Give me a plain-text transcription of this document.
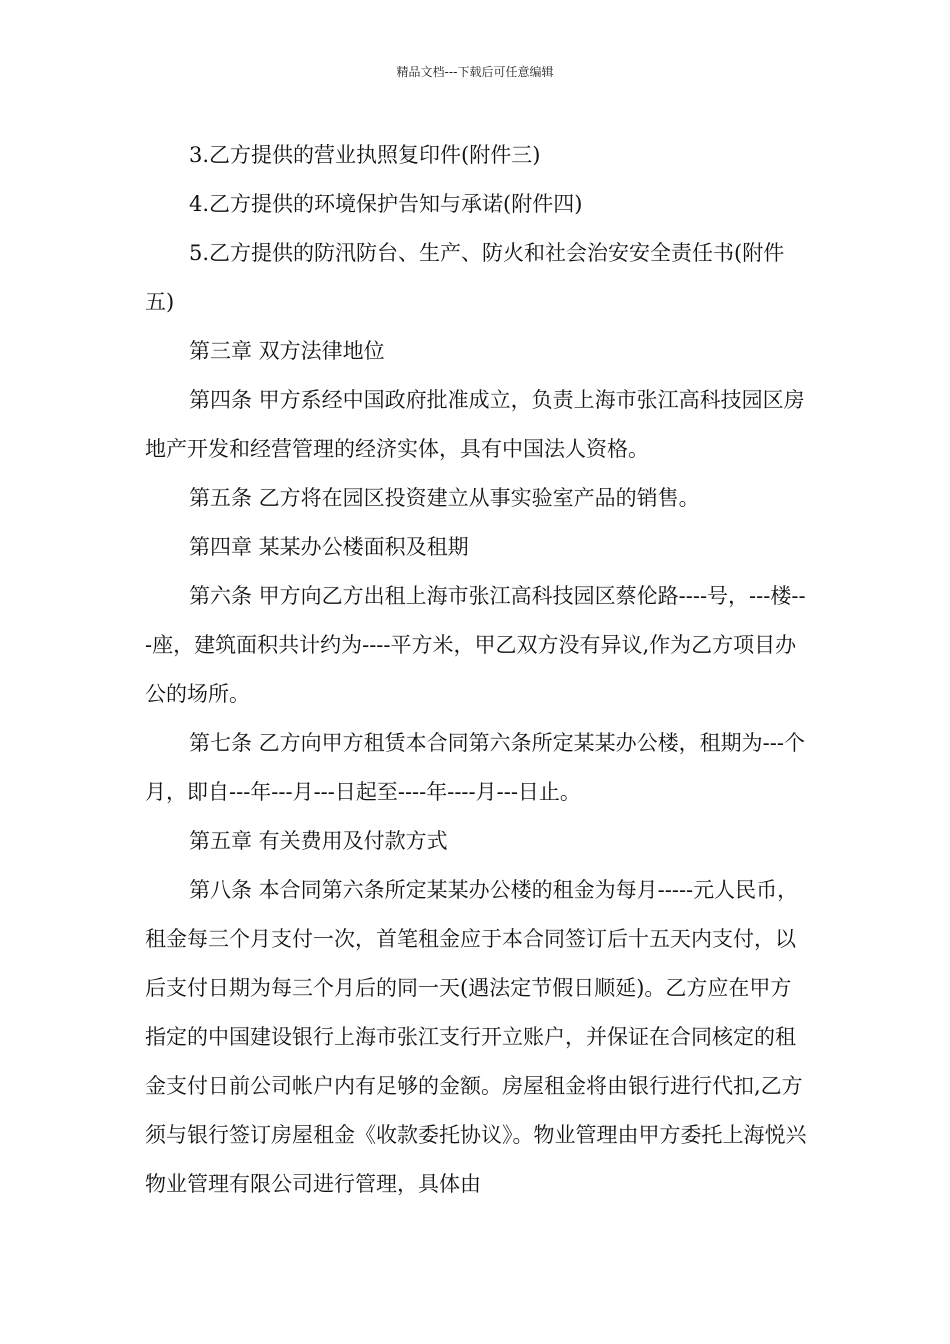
精品文档---下载后可任意编辑

3.乙方提供的营业执照复印件(附件三)

4.乙方提供的环境保护告知与承诺(附件四)

5.乙方提供的防汛防台、生产、防火和社会治安安全责任书(附件五)

第三章 双方法律地位

第四条 甲方系经中国政府批准成立，负责上海市张江高科技园区房地产开发和经营管理的经济实体，具有中国法人资格。

第五条 乙方将在园区投资建立从事实验室产品的销售。

第四章 某某办公楼面积及租期

第六条 甲方向乙方出租上海市张江高科技园区蔡伦路----号，---楼---座，建筑面积共计约为----平方米，甲乙双方没有异议,作为乙方项目办公的场所。

第七条 乙方向甲方租赁本合同第六条所定某某办公楼，租期为---个月，即自---年---月---日起至----年----月---日止。

第五章 有关费用及付款方式

第八条 本合同第六条所定某某办公楼的租金为每月-----元人民币，租金每三个月支付一次，首笔租金应于本合同签订后十五天内支付，以后支付日期为每三个月后的同一天(遇法定节假日顺延)。乙方应在甲方指定的中国建设银行上海市张江支行开立账户，并保证在合同核定的租金支付日前公司帐户内有足够的金额。房屋租金将由银行进行代扣,乙方须与银行签订房屋租金《收款委托协议》。物业管理由甲方委托上海悦兴物业管理有限公司进行管理，具体由
